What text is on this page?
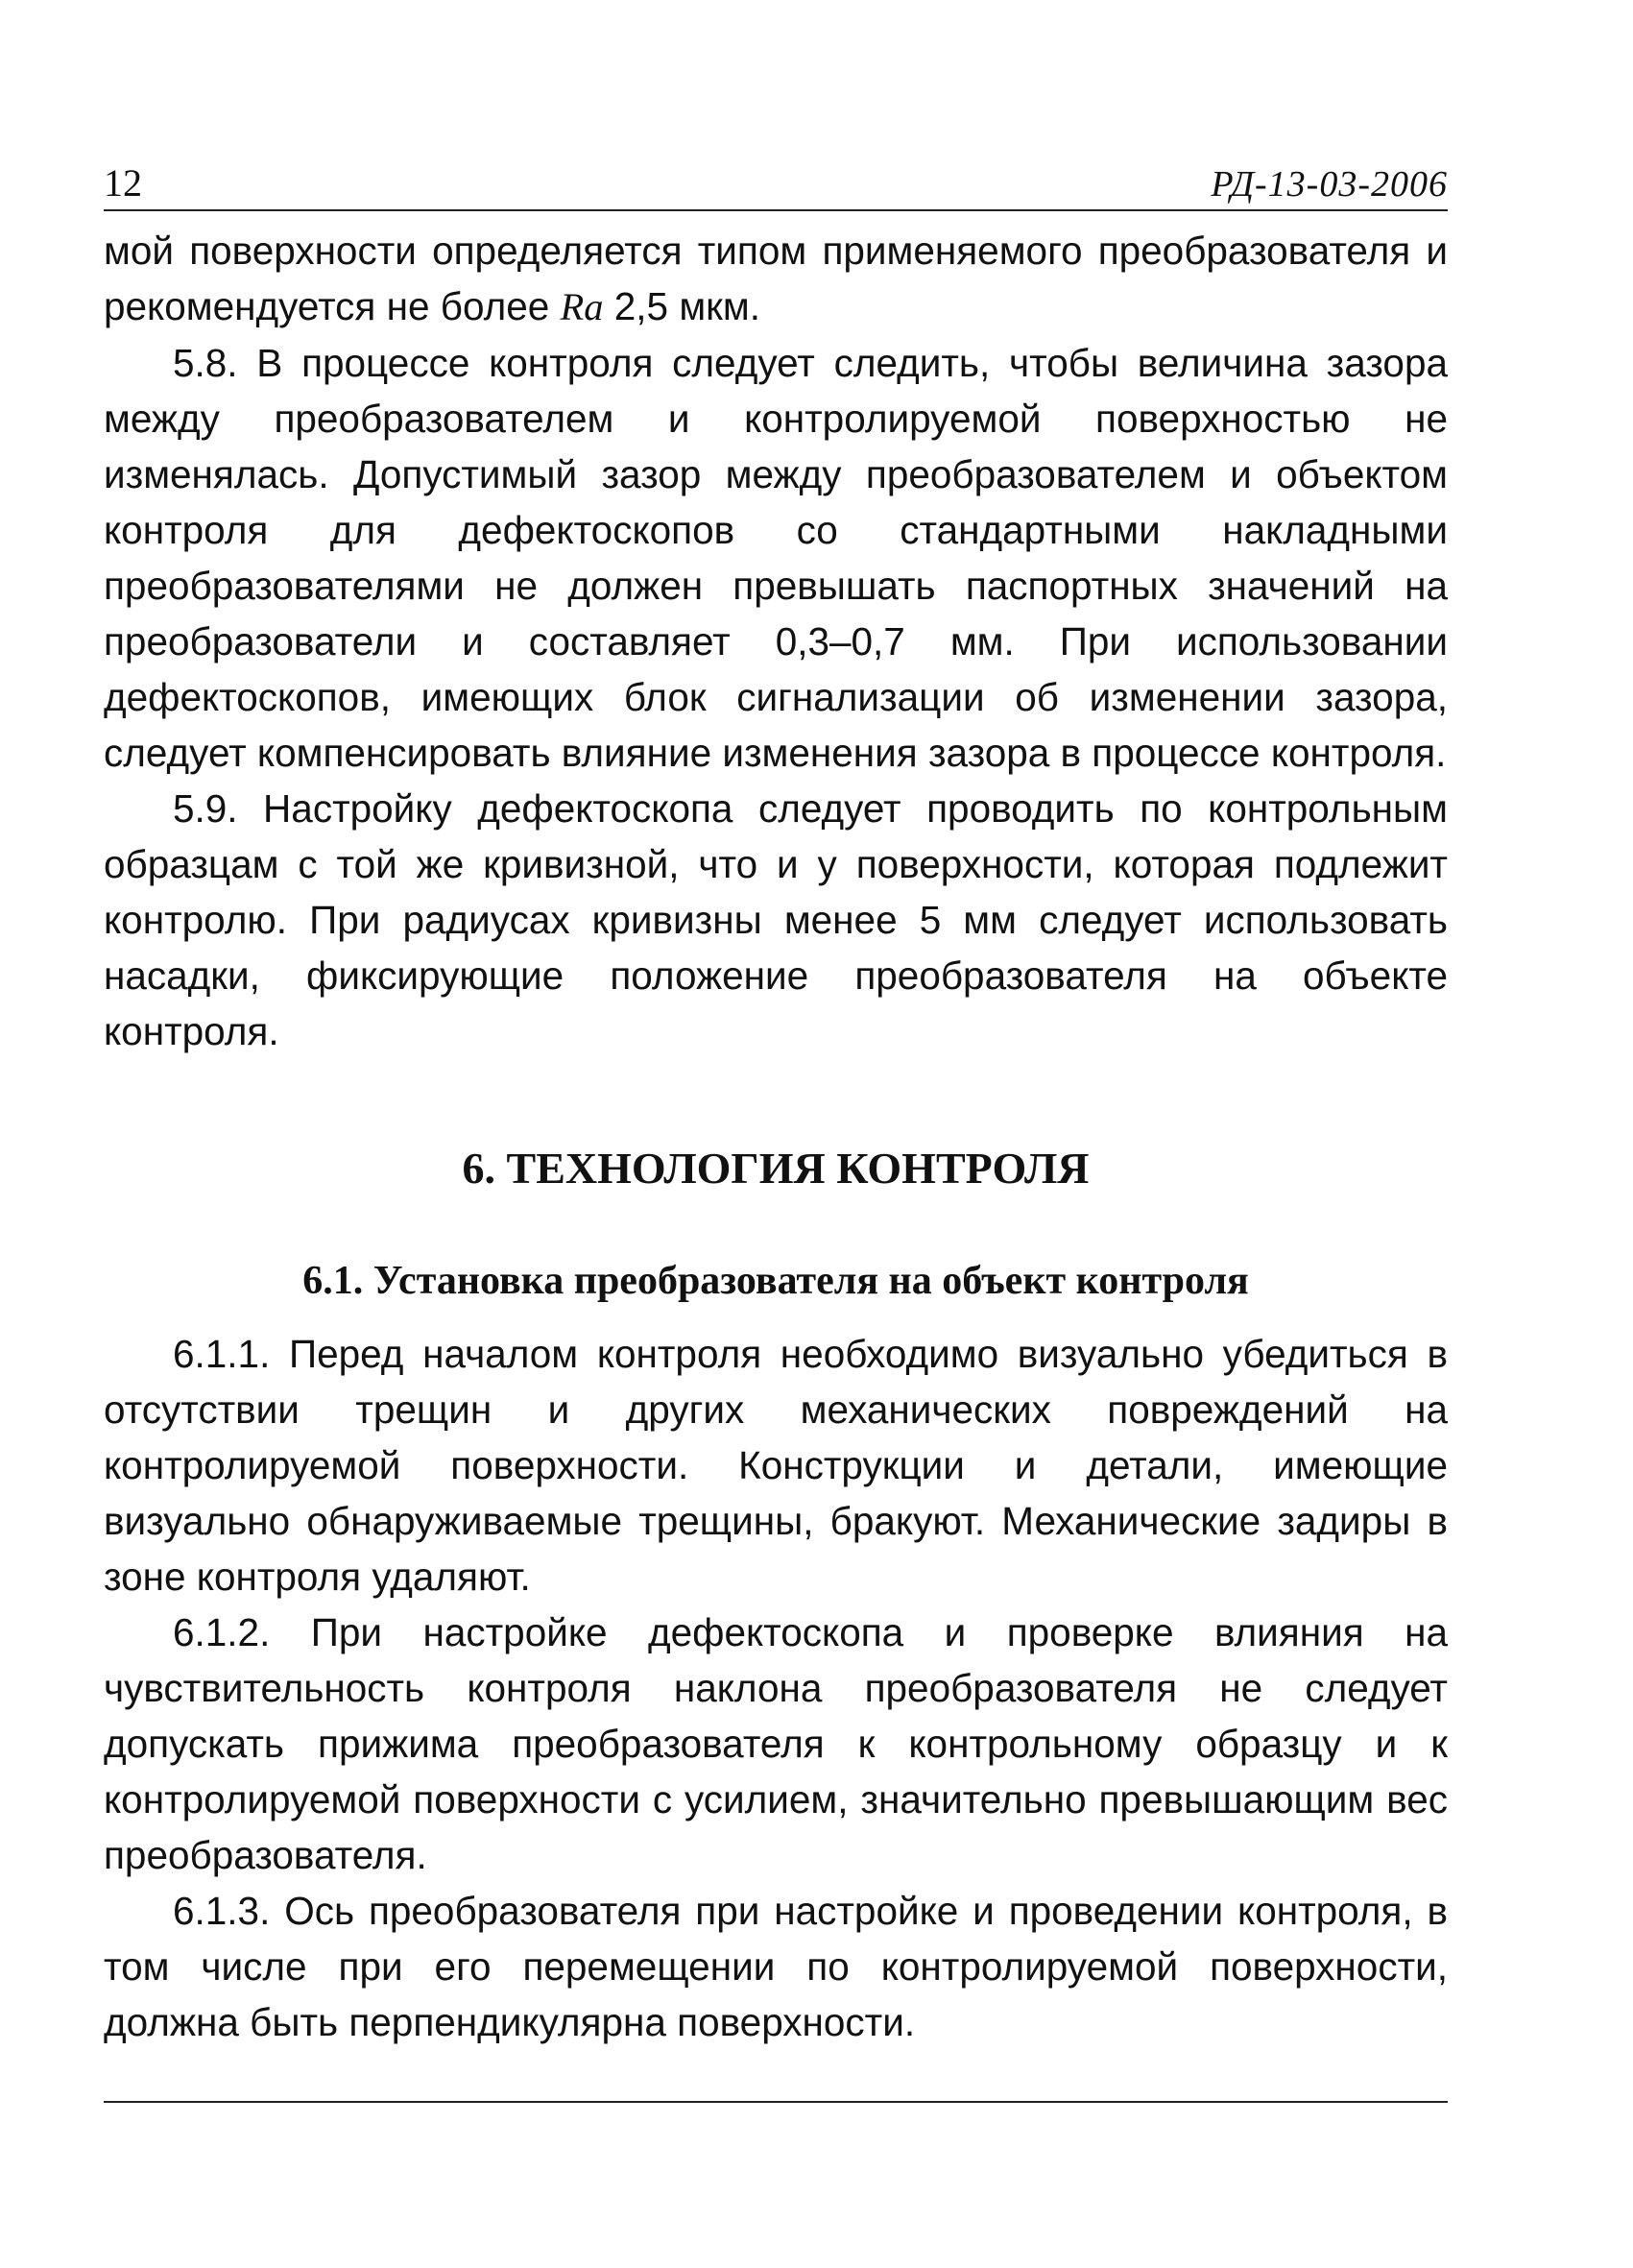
12	РД-13-03-2006

мой поверхности определяется типом применяемого преобразователя и рекомендуется не более Ra 2,5 мкм.

5.8. В процессе контроля следует следить, чтобы величина зазора между преобразователем и контролируемой поверхностью не изменялась. Допустимый зазор между преобразователем и объектом контроля для дефектоскопов со стандартными накладными преобразователями не должен превышать паспортных значений на преобразователи и составляет 0,3–0,7 мм. При использовании дефектоскопов, имеющих блок сигнализации об изменении зазора, следует компенсировать влияние изменения зазора в процессе контроля.

5.9. Настройку дефектоскопа следует проводить по контрольным образцам с той же кривизной, что и у поверхности, которая подлежит контролю. При радиусах кривизны менее 5 мм следует использовать насадки, фиксирующие положение преобразователя на объекте контроля.

6. ТЕХНОЛОГИЯ КОНТРОЛЯ
6.1. Установка преобразователя на объект контроля

6.1.1. Перед началом контроля необходимо визуально убедиться в отсутствии трещин и других механических повреждений на контролируемой поверхности. Конструкции и детали, имеющие визуально обнаруживаемые трещины, бракуют. Механические задиры в зоне контроля удаляют.

6.1.2. При настройке дефектоскопа и проверке влияния на чувствительность контроля наклона преобразователя не следует допускать прижима преобразователя к контрольному образцу и к контролируемой поверхности с усилием, значительно превышающим вес преобразователя.

6.1.3. Ось преобразователя при настройке и проведении контроля, в том числе при его перемещении по контролируемой поверхности, должна быть перпендикулярна поверхности.
